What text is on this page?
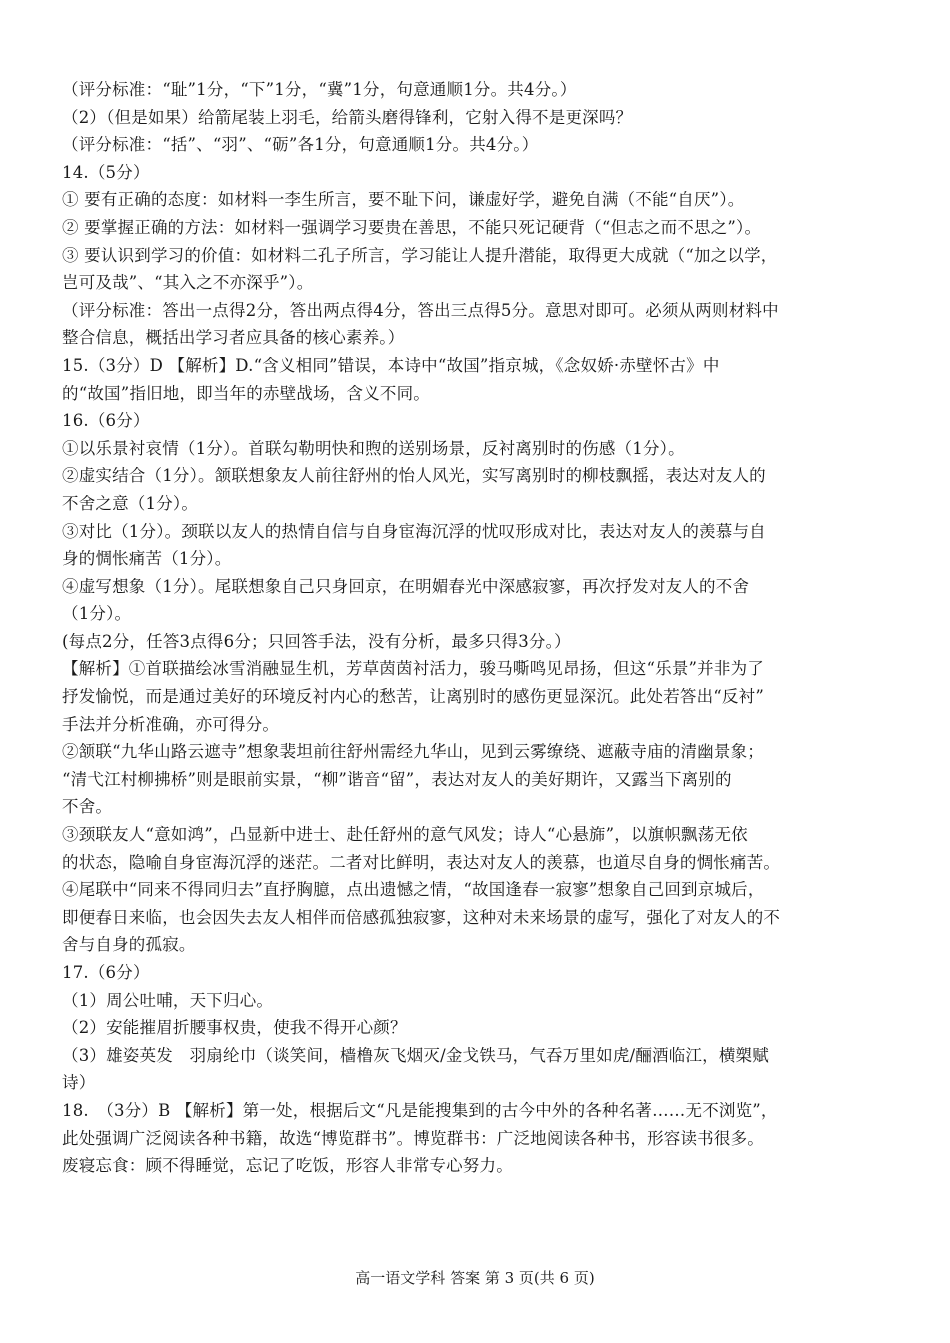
（评分标准：“耻”1分，“下”1分，“冀”1分，句意通顺1分。共4分。）
（2）（但是如果）给箭尾装上羽毛，给箭头磨得锋利，它射入得不是更深吗？
（评分标准：“括”、“羽”、“砺”各1分，句意通顺1分。共4分。）
14.（5分）
① 要有正确的态度：如材料一李生所言，要不耻下问，谦虚好学，避免自满（不能“自厌”）。
② 要掌握正确的方法：如材料一强调学习要贵在善思，不能只死记硬背（“但志之而不思之”）。
③ 要认识到学习的价值：如材料二孔子所言，学习能让人提升潜能，取得更大成就（“加之以学，
岂可及哉”、“其入之不亦深乎”）。
（评分标准：答出一点得2分，答出两点得4分，答出三点得5分。意思对即可。必须从两则材料中
整合信息，概括出学习者应具备的核心素养。）
15.（3分）D 【解析】D.“含义相同”错误，本诗中“故国”指京城，《念奴娇·赤壁怀古》中
的“故国”指旧地，即当年的赤壁战场，含义不同。
16.（6分）
①以乐景衬哀情（1分）。首联勾勒明快和煦的送别场景，反衬离别时的伤感（1分）。
②虚实结合（1分）。颔联想象友人前往舒州的怡人风光，实写离别时的柳枝飘摇，表达对友人的
不舍之意（1分）。
③对比（1分）。颈联以友人的热情自信与自身宦海沉浮的忧叹形成对比，表达对友人的羡慕与自
身的惆怅痛苦（1分）。
④虚写想象（1分）。尾联想象自己只身回京，在明媚春光中深感寂寥，再次抒发对友人的不舍
（1分）。
(每点2分，任答3点得6分；只回答手法，没有分析，最多只得3分。）
【解析】①首联描绘冰雪消融显生机，芳草茵茵衬活力，骏马嘶鸣见昂扬，但这“乐景”并非为了
抒发愉悦，而是通过美好的环境反衬内心的愁苦，让离别时的感伤更显深沉。此处若答出“反衬”
手法并分析准确，亦可得分。
②颔联“九华山路云遮寺”想象裴坦前往舒州需经九华山，见到云雾缭绕、遮蔽寺庙的清幽景象；
“清弋江村柳拂桥”则是眼前实景，“柳”谐音“留”，表达对友人的美好期许，又露当下离别的
不舍。
③颈联友人“意如鸿”，凸显新中进士、赴任舒州的意气风发；诗人“心悬旆”，以旗帜飘荡无依
的状态，隐喻自身宦海沉浮的迷茫。二者对比鲜明，表达对友人的羡慕，也道尽自身的惆怅痛苦。
④尾联中“同来不得同归去”直抒胸臆，点出遗憾之情，“故国逢春一寂寥”想象自己回到京城后，
即便春日来临，也会因失去友人相伴而倍感孤独寂寥，这种对未来场景的虚写，强化了对友人的不
舍与自身的孤寂。
17.（6分）
（1）周公吐哺，天下归心。
（2）安能摧眉折腰事权贵，使我不得开心颜？
（3）雄姿英发　羽扇纶巾（谈笑间，樯橹灰飞烟灭/金戈铁马，气吞万里如虎/酾酒临江，横槊赋
诗）
18.　（3分）B 【解析】第一处，根据后文“凡是能搜集到的古今中外的各种名著……无不浏览”，
此处强调广泛阅读各种书籍，故选“博览群书”。博览群书：广泛地阅读各种书，形容读书很多。
废寝忘食：顾不得睡觉，忘记了吃饭，形容人非常专心努力。
高一语文学科 答案 第 3 页(共 6 页)
